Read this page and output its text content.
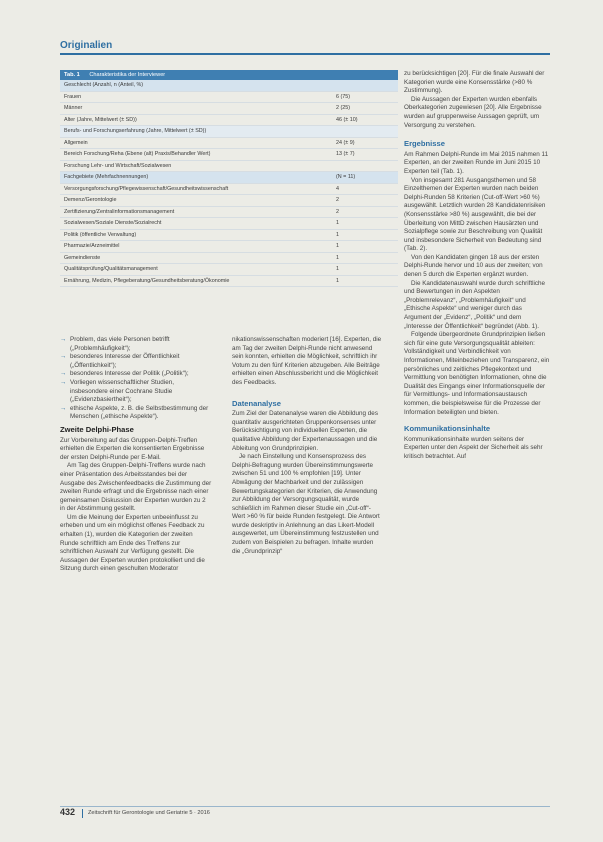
Originalien
Tab. 1 Charakteristika der Interviewer
Geschlecht (Anzahl, n (Anteil, %)
Frauen	6 (75)
Männer	2 (25)
Alter (Jahre, Mittelwert (± SD))	46 (± 10)
Berufs- und Forschungserfahrung (Jahre, Mittelwert (± SD))
Allgemein	24 (± 9)
Bereich Forschung/Reha (Ebene (alt) Praxis/Behandler Wert)	13 (± 7)
Forschung Lehr- und Wirtschaft/Sozialwesen
Fachgebiete (Mehrfachnennungen)	(N = 11)
Versorgungsforschung/Pflegewissenschaft/Gesundheitswissenschaft	4
Demenz/Gerontologie	2
Zertifizierung/Zentralinformationsmanagement	2
Sozialwesen/Soziale Dienste/Sozialrecht	1
Politik (öffentliche Verwaltung)	1
Pharmazie/Arzneimittel	1
Gemeindienste	1
Qualitätsprüfung/Qualitätsmanagement	1
Ernährung, Medizin, Pflegeberatung/Gesundheitsberatung/Ökonomie	1
→ Problem, das viele Personen betrifft („Problemhäufigkeit“);
→ besonderes Interesse der Öffentlichkeit („Öffentlichkeit“);
→ besonderes Interesse der Politik („Politik“);
→ Vorliegen wissenschaftlicher Studien, insbesondere einer Cochrane Studie („Evidenzbasiertheit“);
→ ethische Aspekte, z. B. die Selbstbestimmung der Menschen („ethische Aspekte“).
Zweite Delphi-Phase

Zur Vorbereitung auf das Gruppen-Delphi-Treffen erhielten die Experten die konsentierten Ergebnisse der ersten Delphi-Runde per E-Mail.

Am Tag des Gruppen-Delphi-Treffens wurde nach einer Präsentation des Arbeitsstandes bei der Ausgabe des Zwischenfeedbacks die Zustimmung der zweiten Runde erfragt und die Ergebnisse nach einer gemeinsamen Diskussion der Experten wurden zu 2 in der Abstimmung gestellt.

Um die Meinung der Experten unbeeinflusst zu erheben und um ein möglichst offenes Feedback zu erhalten (1), wurden die Kategorien der zweiten Runde schriftlich am Ende des Treffens zur schriftlichen Auswahl zur Verfügung gestellt. Die Aussagen der Experten wurden protokolliert und die Sitzung durch einen geschulten Moderator

nikationswissenschaften moderiert [16]. Experten, die am Tag der zweiten Delphi-Runde nicht anwesend sein konnten, erhielten die Möglichkeit, schriftlich ihr Votum zu den fünf Kriterien abzugeben. Alle Beiträge erhielten einen Abschlussbericht und die Möglichkeit des Feedbacks.

Datenanalyse

Zum Ziel der Datenanalyse waren die Abbildung des quantitativ ausgerichteten Gruppenkonsenses unter Berücksichtigung von individuellen Experten, die qualitative Abbildung der Expertenaussagen und die Ableitung von Grundprinzipien.

Je nach Einstellung und Konsensprozess des Delphi-Befragung wurden Übereinstimmungswerte zwischen 51 und 100 % empfohlen [19]. Unter Abwägung der Machbarkeit und der zulässigen Bewertungskategorien der Kriterien, die Anwendung zur Abbildung der Versorgungsqualität, wurde schließlich im Rahmen dieser Studie ein „Cut-off“-Wert >60 % für beide Runden festgelegt. Die Antwort wurde deskriptiv in Anlehnung an das Likert-Modell ausgewertet, um Übereinstimmung festzustellen und zudem von Beispielen zu befragen. Inhalte wurden die „Grundprinzip“

zu berücksichtigen [20]. Für die finale Auswahl der Kategorien wurde eine Konsensstärke (>80 % Zustimmung).

Die Aussagen der Experten wurden ebenfalls Oberkategorien zugewiesen [20]. Alle Ergebnisse wurden auf gruppenweise Aussagen geprüft, um Versorgung zu verstehen.

Ergebnisse

Am Rahmen Delphi-Runde im Mai 2015 nahmen 11 Experten, an der zweiten Runde im Juni 2015 10 Experten teil (Tab. 1).

Von insgesamt 281 Ausgangsthemen und 58 Einzelthemen der Experten wurden nach beiden Delphi-Runden 58 Kriterien (Cut-off-Wert >60 %) ausgewählt. Letztlich wurden 28 Kandidatenrisiken (Konsensstärke >80 %) ausgewählt, die bei der Überleitung von MittD zwischen Hausärzten und Sozialpflege sowie zur Beschreibung von Qualität und insbesondere Sicherheit von Bedeutung sind (Tab. 2).

Von den Kandidaten gingen 18 aus der ersten Delphi-Runde hervor und 10 aus der zweiten; von denen 5 durch die Experten ergänzt wurden.

Die Kandidatenauswahl wurde durch schriftliche und Bewertungen in den Aspekten „Problemrelevanz“, „Problemhäufigkeit“ und „Ethische Aspekte“ und weniger durch das Argument der „Evidenz“, „Politik“ und dem „Interesse der Öffentlichkeit“ begründet (Abb. 1).

Folgende übergeordnete Grundprinzipien ließen sich für eine gute Versorgungsqualität ableiten: Vollständigkeit und Verbindlichkeit von Informationen, Miteinbeziehen und Transparenz, ein persönliches und zeitliches Pflegekontext und Vermittlung von benötigten Informationen, ohne die Dualität des Eingangs einer Informationsquelle der für Vermittlungs- und Informationsaustausch kommen, die beispielsweise für die Prozesse der Information beteiligten und bieten.

Kommunikationsinhalte

Kommunikationsinhalte wurden seitens der Experten unter den Aspekt der Sicherheit als sehr kritisch betrachtet. Auf

432 Zeitschrift für Gerontologie und Geriatrie 5 · 2016
